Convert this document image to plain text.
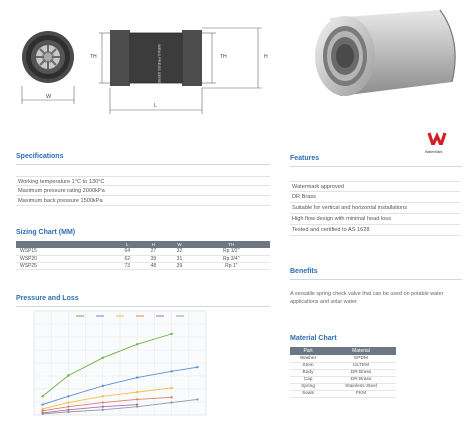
W
WRAS PRESS SERIES
TH	TH	H
L
WaterMark
Specifications
Working temperature 1°C to 130°C
Maximum pressure rating 2000kPa
Maximum back pressure 1500kPa
Features
Watermark approved
DR Brass
Suitable for vertical and horizontal installations
High flow design with minimal head loss
Tested and certified to AS 1628
Sizing Chart (MM)
	L	H	W	TH
WSP15	64	27	32	Rp 1/2"
WSP20	62	39	31	Rp 3/4"
WSP25	73	48	39	Rp 1"
Benefits
A versatile spring check valve that can be used on potable water applications and solar water.
Pressure and Loss
Material Chart
Part	Material
Washer	EPDM
Stem	ULTEM
Body	DR Brass
Cap	DR Brass
Spring	Stainless Steel
Seals	FKM
